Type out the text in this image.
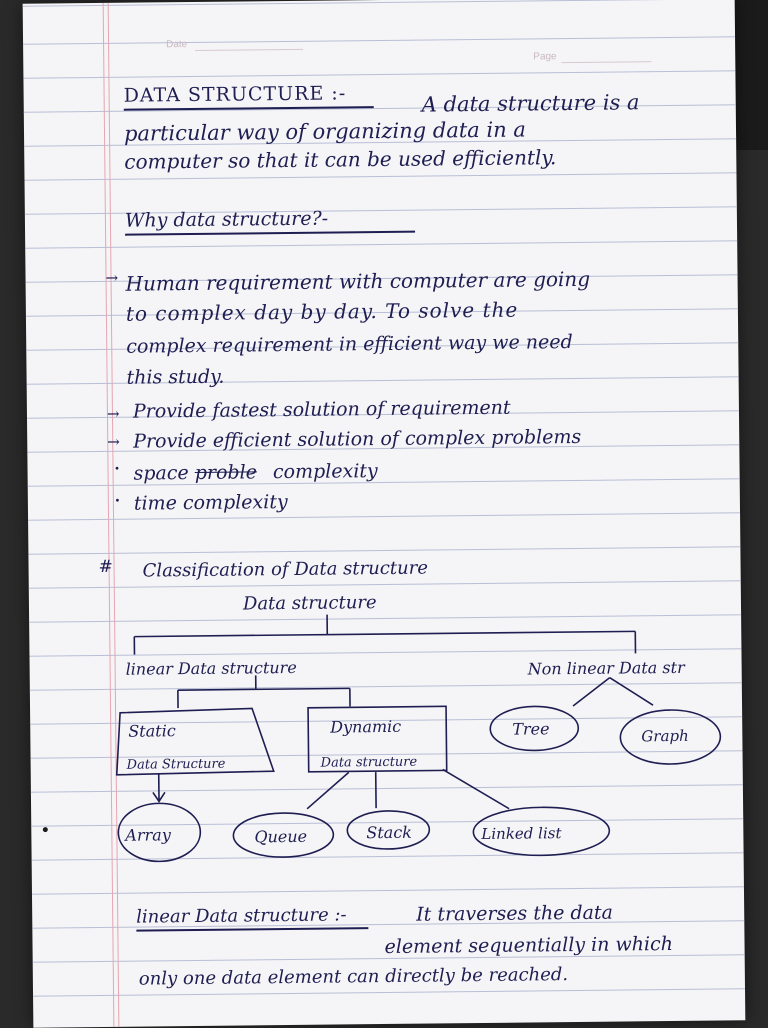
Date
Page
DATA STRUCTURE :-	A data structure is a
particular way of organizing data in a
computer so that it can be used efficiently.
Why data structure?-
→ Human requirement with computer are going
to complex day by day. To solve the
complex requirement in efficient way we need
this study.
→ Provide fastest solution of requirement
→ Provide efficient solution of complex problems
· space proble complexity
· time complexity
# Classification of Data structure
Data structure
linear Data structure	Non linear Data str
Static
Data Structure
Dynamic
Data structure
Tree	Graph
Array	Queue	Stack	Linked list
linear Data structure :-	It traverses the data
element sequentially in which
only one data element can directly be reached.
